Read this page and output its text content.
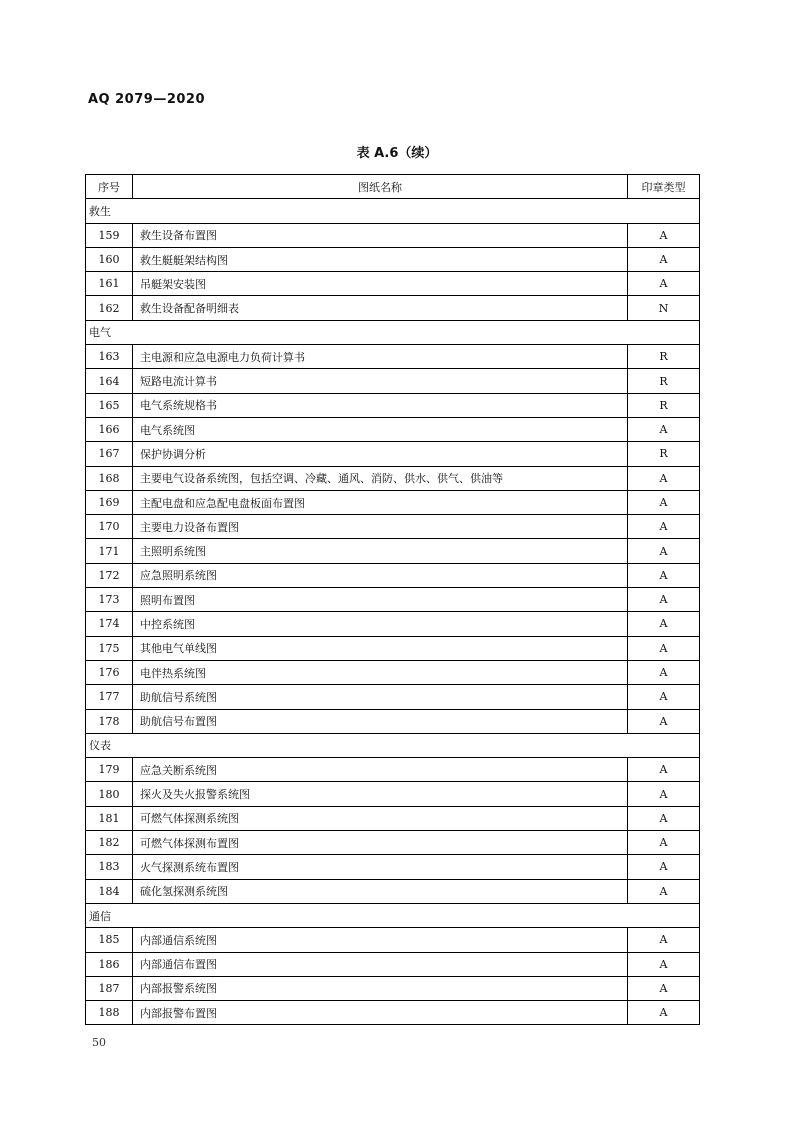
AQ 2079—2020
表 A.6（续）
序号	图纸名称	印章类型
救生		
159	救生设备布置图	A
160	救生艇艇架结构图	A
161	吊艇架安装图	A
162	救生设备配备明细表	N
电气		
163	主电源和应急电源电力负荷计算书	R
164	短路电流计算书	R
165	电气系统规格书	R
166	电气系统图	A
167	保护协调分析	R
168	主要电气设备系统图，包括空调、冷藏、通风、消防、供水、供气、供油等	A
169	主配电盘和应急配电盘板面布置图	A
170	主要电力设备布置图	A
171	主照明系统图	A
172	应急照明系统图	A
173	照明布置图	A
174	中控系统图	A
175	其他电气单线图	A
176	电伴热系统图	A
177	助航信号系统图	A
178	助航信号布置图	A
仪表		
179	应急关断系统图	A
180	探火及失火报警系统图	A
181	可燃气体探测系统图	A
182	可燃气体探测布置图	A
183	火气探测系统布置图	A
184	硫化氢探测系统图	A
通信		
185	内部通信系统图	A
186	内部通信布置图	A
187	内部报警系统图	A
188	内部报警布置图	A
50
